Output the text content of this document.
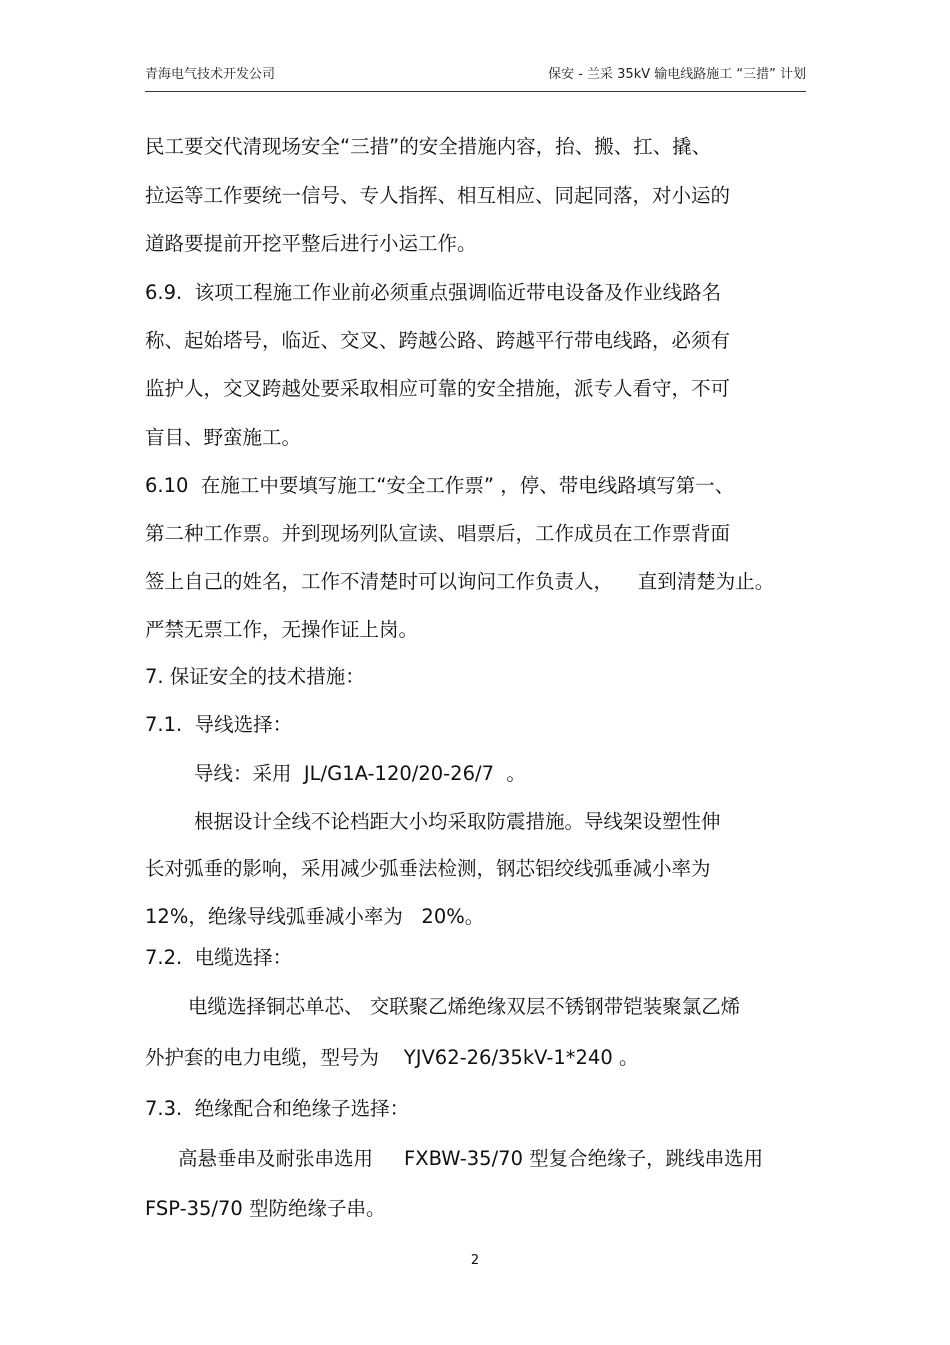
青海电气技术开发公司	保安 - 兰采 35kV 输电线路施工 “三措” 计划
民工要交代清现场安全“三措”的安全措施内容，抬、搬、扛、撬、
拉运等工作要统一信号、专人指挥、相互相应、同起同落，对小运的
道路要提前开挖平整后进行小运工作。
6.9.  该项工程施工作业前必须重点强调临近带电设备及作业线路名
称、起始塔号，临近、交叉、跨越公路、跨越平行带电线路，必须有
监护人，交叉跨越处要采取相应可靠的安全措施，派专人看守，不可
盲目、野蛮施工。
6.10  在施工中要填写施工“安全工作票” ，停、带电线路填写第一、
第二种工作票。并到现场列队宣读、唱票后，工作成员在工作票背面
签上自己的姓名，工作不清楚时可以询问工作负责人，    直到清楚为止。
严禁无票工作，无操作证上岗。
7. 保证安全的技术措施：
7.1.  导线选择：
导线：采用  JL/G1A-120/20-26/7  。
根据设计全线不论档距大小均采取防震措施。导线架设塑性伸
长对弧垂的影响，采用减少弧垂法检测，钢芯铝绞线弧垂减小率为
12%，绝缘导线弧垂减小率为   20%。
7.2.  电缆选择：
电缆选择铜芯单芯、 交联聚乙烯绝缘双层不锈钢带铠装聚氯乙烯
外护套的电力电缆，型号为    YJV62-26/35kV-1*240 。
7.3.  绝缘配合和绝缘子选择：
高悬垂串及耐张串选用     FXBW-35/70 型复合绝缘子，跳线串选用
FSP-35/70 型防绝缘子串。
2
